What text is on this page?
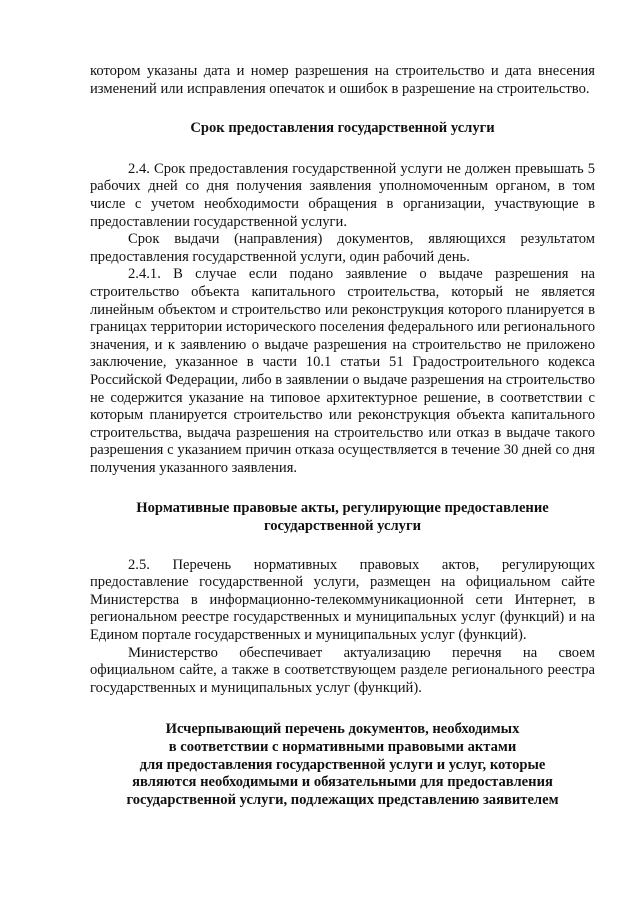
котором указаны дата и номер разрешения на строительство и дата внесения изменений или исправления опечаток и ошибок в разрешение на строительство.

Срок предоставления государственной услуги

2.4. Срок предоставления государственной услуги не должен превышать 5 рабочих дней со дня получения заявления уполномоченным органом, в том числе с учетом необходимости обращения в организации, участвующие в предоставлении государственной услуги.

Срок выдачи (направления) документов, являющихся результатом предоставления государственной услуги, один рабочий день.

2.4.1. В случае если подано заявление о выдаче разрешения на строительство объекта капитального строительства, который не является линейным объектом и строительство или реконструкция которого планируется в границах территории исторического поселения федерального или регионального значения, и к заявлению о выдаче разрешения на строительство не приложено заключение, указанное в части 10.1 статьи 51 Градостроительного кодекса Российской Федерации, либо в заявлении о выдаче разрешения на строительство не содержится указание на типовое архитектурное решение, в соответствии с которым планируется строительство или реконструкция объекта капитального строительства, выдача разрешения на строительство или отказ в выдаче такого разрешения с указанием причин отказа осуществляется в течение 30 дней со дня получения указанного заявления.

Нормативные правовые акты, регулирующие предоставление
государственной услуги

2.5. Перечень нормативных правовых актов, регулирующих предоставление государственной услуги, размещен на официальном сайте Министерства в информационно-телекоммуникационной сети Интернет, в региональном реестре государственных и муниципальных услуг (функций) и на Едином портале государственных и муниципальных услуг (функций).

Министерство обеспечивает актуализацию перечня на своем официальном сайте, а также в соответствующем разделе регионального реестра государственных и муниципальных услуг (функций).

Исчерпывающий перечень документов, необходимых
в соответствии с нормативными правовыми актами
для предоставления государственной услуги и услуг, которые
являются необходимыми и обязательными для предоставления
государственной услуги, подлежащих представлению заявителем
